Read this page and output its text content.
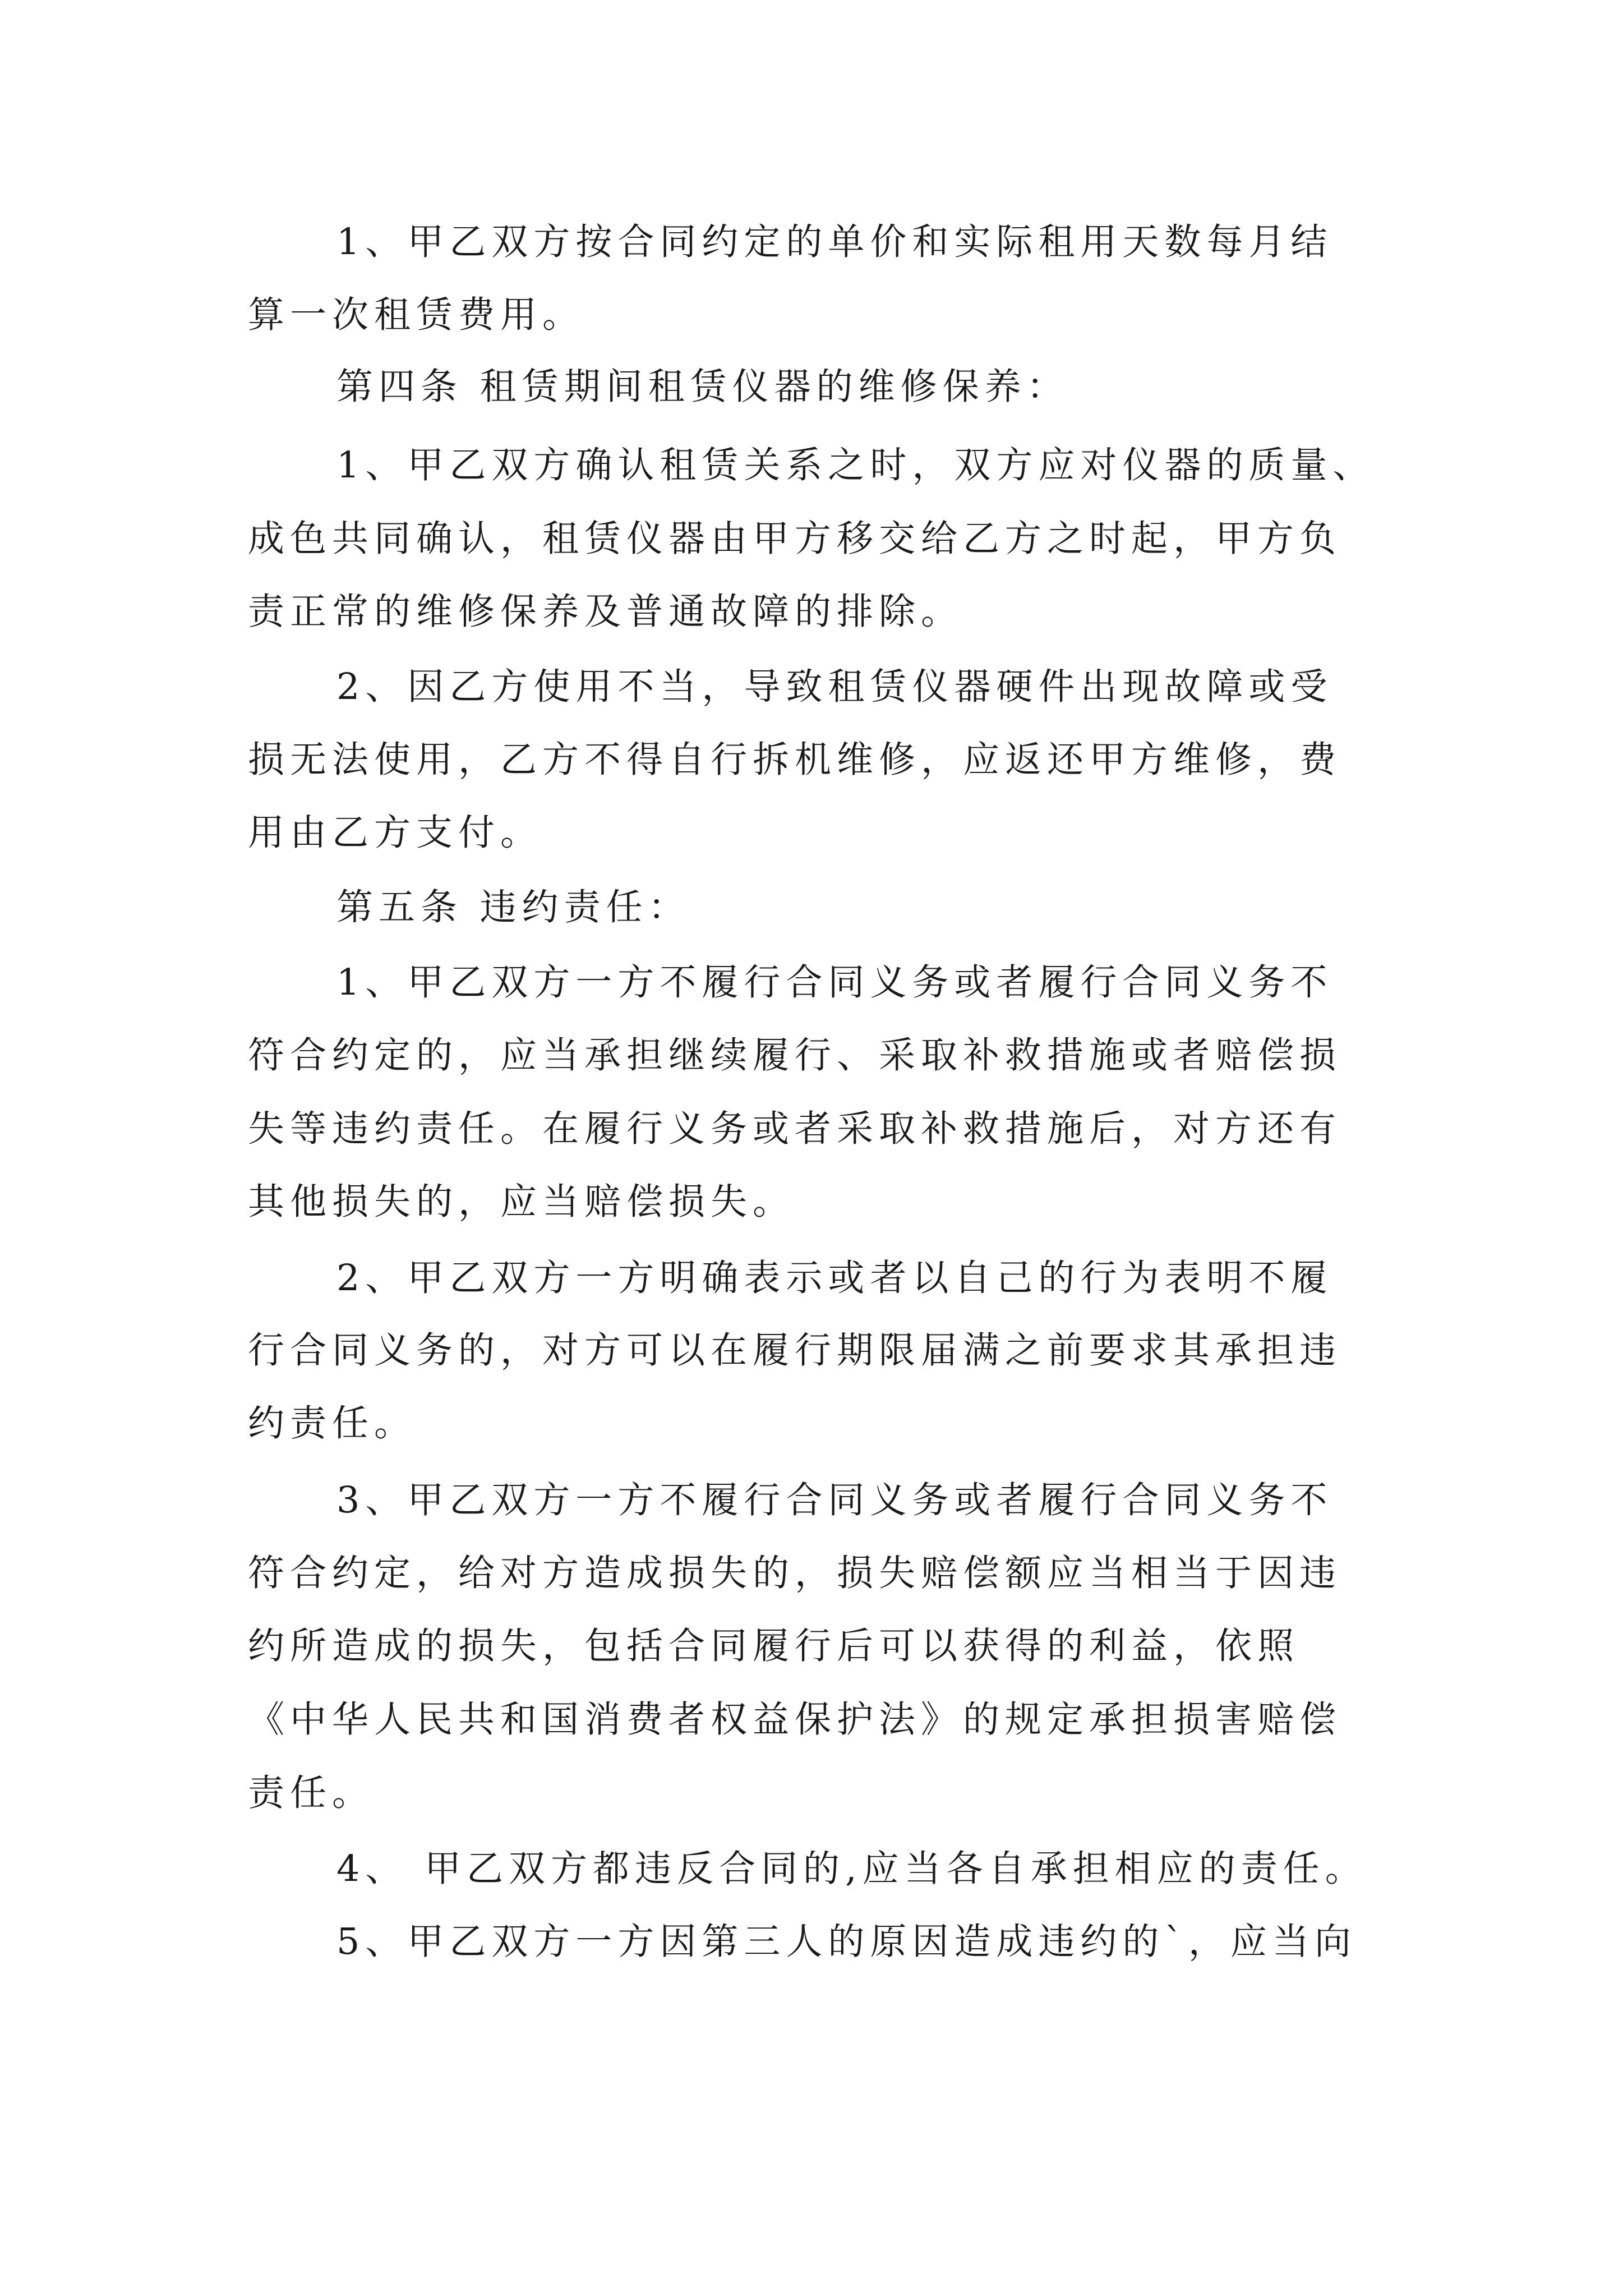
1、甲乙双方按合同约定的单价和实际租用天数每月结
算一次租赁费用。
第四条 租赁期间租赁仪器的维修保养：
1、甲乙双方确认租赁关系之时，双方应对仪器的质量、
成色共同确认，租赁仪器由甲方移交给乙方之时起，甲方负
责正常的维修保养及普通故障的排除。
2、因乙方使用不当，导致租赁仪器硬件出现故障或受
损无法使用，乙方不得自行拆机维修，应返还甲方维修，费
用由乙方支付。
第五条 违约责任：
1、甲乙双方一方不履行合同义务或者履行合同义务不
符合约定的，应当承担继续履行、采取补救措施或者赔偿损
失等违约责任。在履行义务或者采取补救措施后，对方还有
其他损失的，应当赔偿损失。
2、甲乙双方一方明确表示或者以自己的行为表明不履
行合同义务的，对方可以在履行期限届满之前要求其承担违
约责任。
3、甲乙双方一方不履行合同义务或者履行合同义务不
符合约定，给对方造成损失的，损失赔偿额应当相当于因违
约所造成的损失，包括合同履行后可以获得的利益，依照
《中华人民共和国消费者权益保护法》的规定承担损害赔偿
责任。
4、 甲乙双方都违反合同的,应当各自承担相应的责任。
5、甲乙双方一方因第三人的原因造成违约的`，应当向
